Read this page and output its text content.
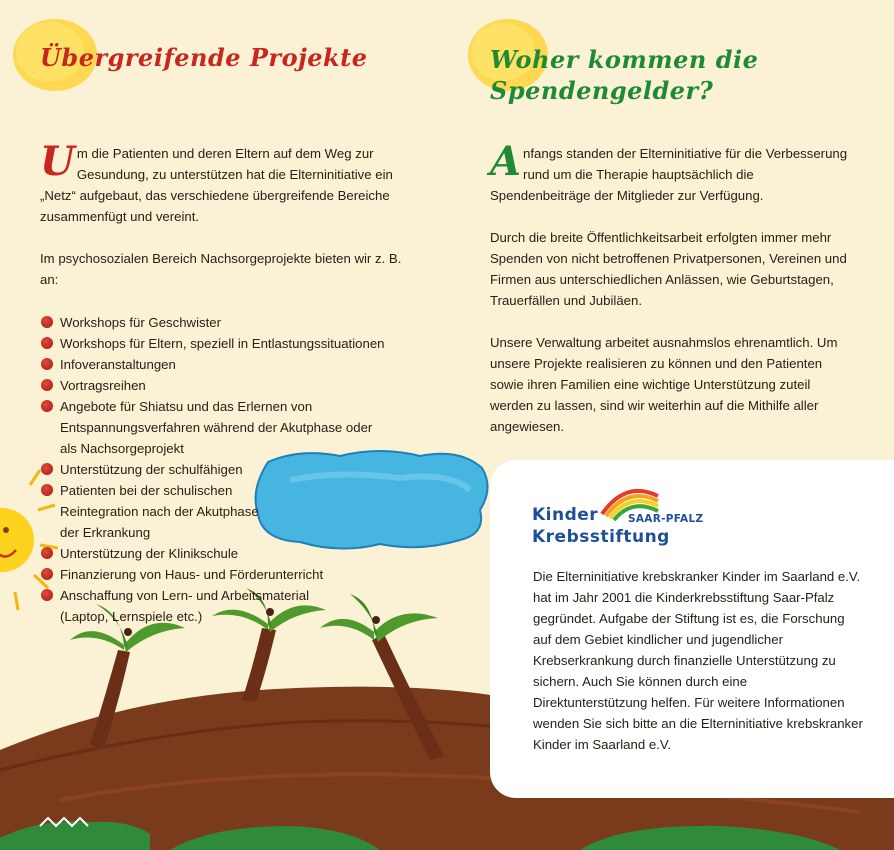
Übergreifende Projekte

U m die Patienten und deren Eltern auf dem Weg zur Gesundung, zu unterstützen hat die Elterninitiative ein „Netz“ aufgebaut, das verschiedene übergreifende Bereiche zusammenfügt und vereint.

Im psychosozialen Bereich Nachsorgeprojekte bieten wir z. B. an:

Workshops für Geschwister
Workshops für Eltern, speziell in Entlastungssituationen
Infoveranstaltungen
Vortragsreihen
Angebote für Shiatsu und das Erlernen von Entspannungsverfahren während der Akutphase oder als Nachsorgeprojekt
Unterstützung der schulfähigen
Patienten bei der schulischen Reintegration nach der Akutphase der Erkrankung
Unterstützung der Klinikschule
Finanzierung von Haus- und Förderunterricht
Anschaffung von Lern- und Arbeitsmaterial (Laptop, Lernspiele etc.)
Woher kommen die Spendengelder?

A nfangs standen der Elterninitiative für die Verbesserung rund um die Therapie hauptsächlich die Spendenbeiträge der Mitglieder zur Verfügung.

Durch die breite Öffentlichkeitsarbeit erfolgten immer mehr Spenden von nicht betroffenen Privatpersonen, Vereinen und Firmen aus unterschiedlichen Anlässen, wie Geburtstagen, Trauerfällen und Jubiläen.

Unsere Verwaltung arbeitet ausnahmslos ehrenamtlich. Um unsere Projekte realisieren zu können und den Patienten sowie ihren Familien eine wichtige Unterstützung zuteil werden zu lassen, sind wir weiterhin auf die Mithilfe aller angewiesen.

Kinder	SAAR-PFALZ
Krebsstiftung

Die Elterninitiative krebskranker Kinder im Saarland e.V. hat im Jahr 2001 die Kinderkrebsstiftung Saar-Pfalz gegründet. Aufgabe der Stiftung ist es, die Forschung auf dem Gebiet kindlicher und jugendlicher Krebserkrankung durch finanzielle Unterstützung zu sichern. Auch Sie können durch eine Direktunterstützung helfen. Für weitere Informationen wenden Sie sich bitte an die Elterninitiative krebskranker Kinder im Saarland e.V.
